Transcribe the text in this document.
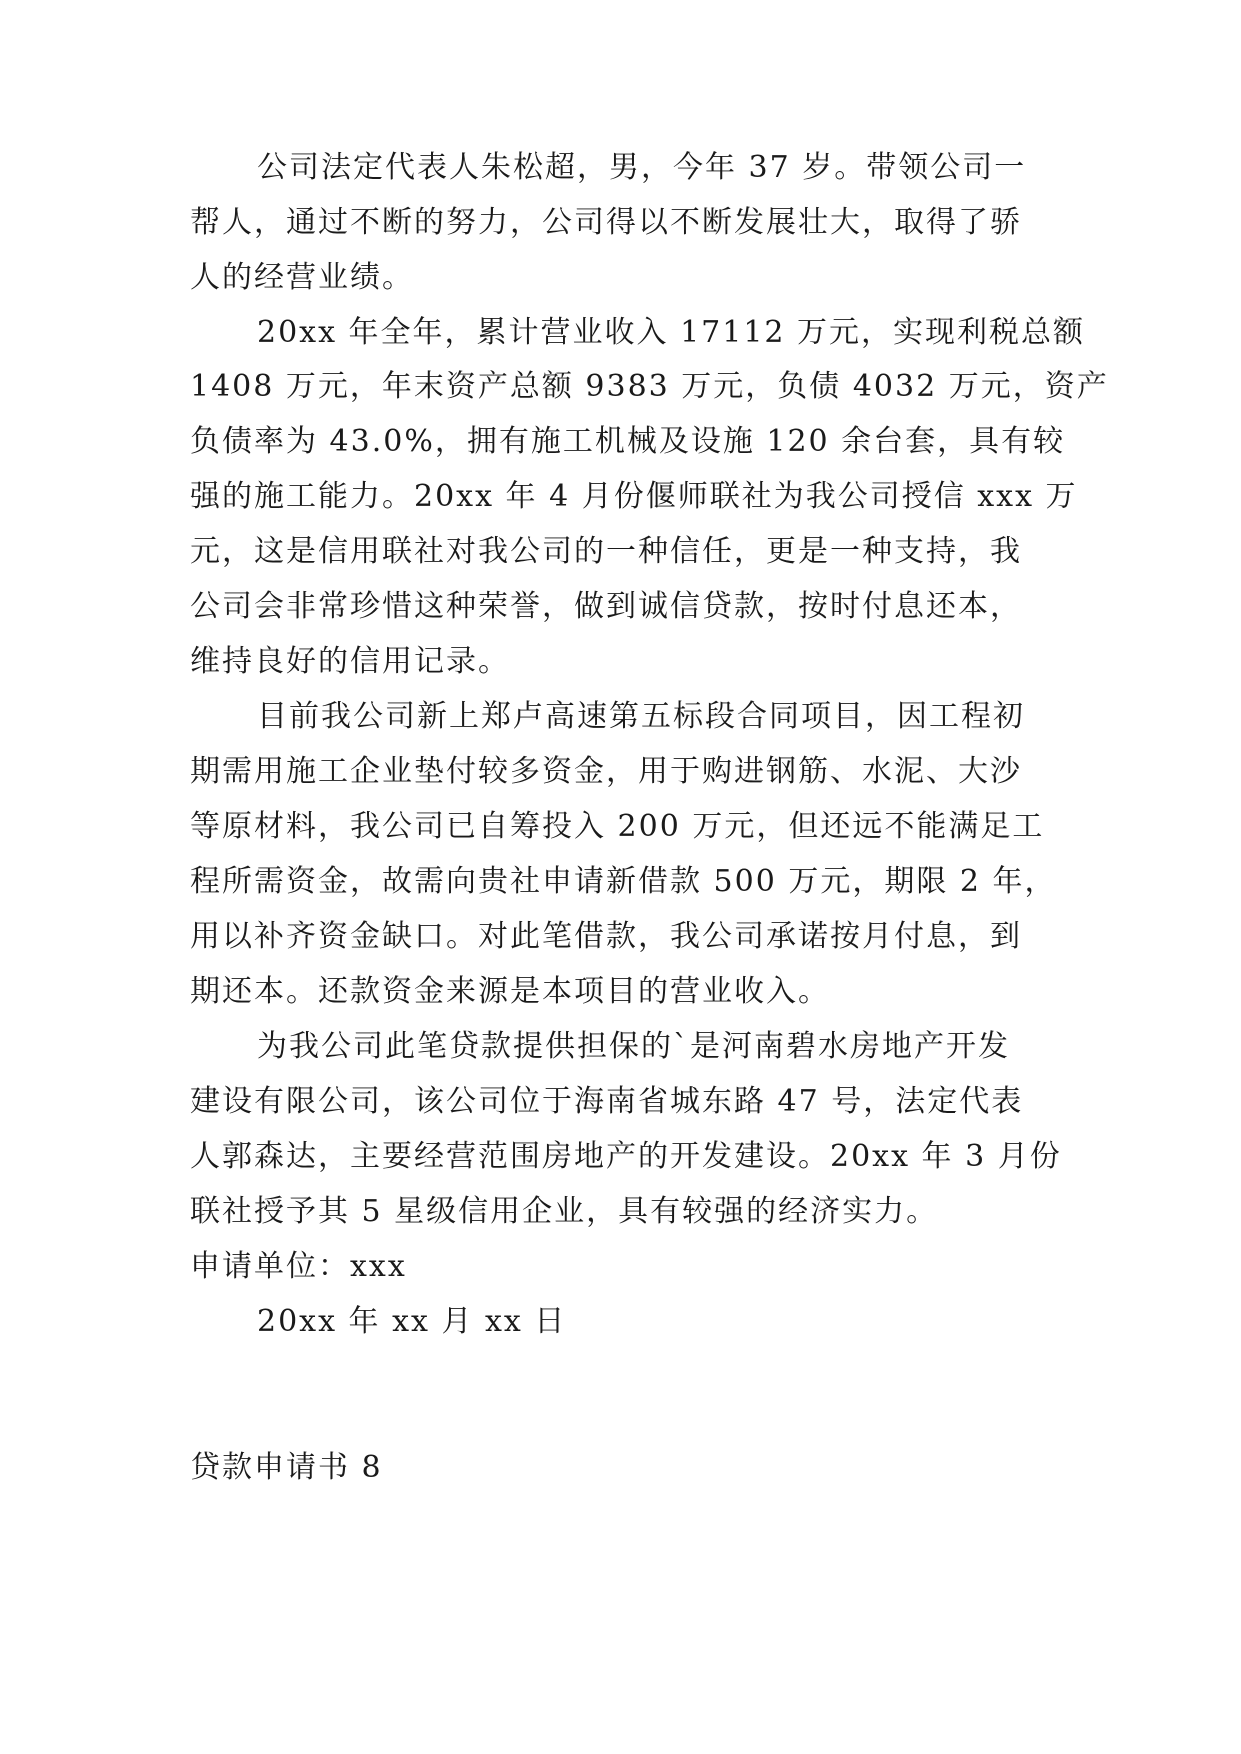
公司法定代表人朱松超，男，今年 37 岁。带领公司一

帮人，通过不断的努力，公司得以不断发展壮大，取得了骄

人的经营业绩。

20xx 年全年，累计营业收入 17112 万元，实现利税总额

1408 万元，年末资产总额 9383 万元，负债 4032 万元，资产

负债率为 43.0%，拥有施工机械及设施 120 余台套，具有较

强的施工能力。20xx 年 4 月份偃师联社为我公司授信 xxx 万

元，这是信用联社对我公司的一种信任，更是一种支持，我

公司会非常珍惜这种荣誉，做到诚信贷款，按时付息还本，

维持良好的信用记录。

目前我公司新上郑卢高速第五标段合同项目，因工程初

期需用施工企业垫付较多资金，用于购进钢筋、水泥、大沙

等原材料，我公司已自筹投入 200 万元，但还远不能满足工

程所需资金，故需向贵社申请新借款 500 万元，期限 2 年，

用以补齐资金缺口。对此笔借款，我公司承诺按月付息，到

期还本。还款资金来源是本项目的营业收入。

为我公司此笔贷款提供担保的`是河南碧水房地产开发

建设有限公司，该公司位于海南省城东路 47 号，法定代表

人郭森达，主要经营范围房地产的开发建设。20xx 年 3 月份

联社授予其 5 星级信用企业，具有较强的经济实力。

申请单位：xxx

20xx 年 xx 月 xx 日

贷款申请书 8
